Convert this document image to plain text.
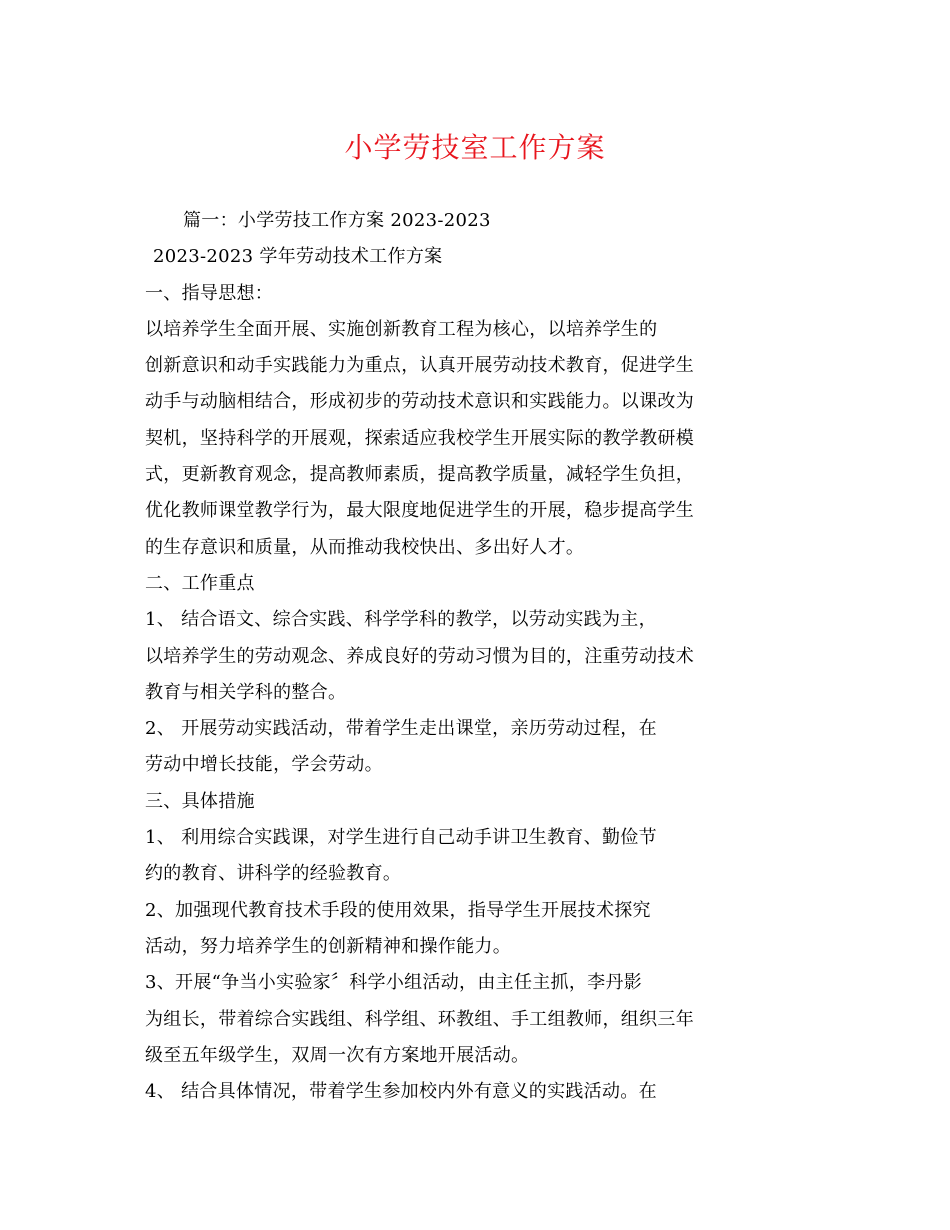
小学劳技室工作方案
篇一：小学劳技工作方案 2023-2023
2023-2023 学年劳动技术工作方案
一、指导思想：
以培养学生全面开展、实施创新教育工程为核心，以培养学生的
创新意识和动手实践能力为重点，认真开展劳动技术教育，促进学生
动手与动脑相结合，形成初步的劳动技术意识和实践能力。以课改为
契机，坚持科学的开展观，探索适应我校学生开展实际的教学教研模
式，更新教育观念，提高教师素质，提高教学质量，减轻学生负担，
优化教师课堂教学行为，最大限度地促进学生的开展，稳步提高学生
的生存意识和质量，从而推动我校快出、多出好人才。
二、工作重点
1、 结合语文、综合实践、科学学科的教学，以劳动实践为主，
以培养学生的劳动观念、养成良好的劳动习惯为目的，注重劳动技术
教育与相关学科的整合。
2、 开展劳动实践活动，带着学生走出课堂，亲历劳动过程，在
劳动中增长技能，学会劳动。
三、具体措施
1、 利用综合实践课，对学生进行自己动手讲卫生教育、勤俭节
约的教育、讲科学的经验教育。
2、加强现代教育技术手段的使用效果，指导学生开展技术探究
活动，努力培养学生的创新精神和操作能力。
3、开展“争当小实验家〞科学小组活动，由主任主抓，李丹影
为组长，带着综合实践组、科学组、环教组、手工组教师，组织三年
级至五年级学生，双周一次有方案地开展活动。
4、 结合具体情况，带着学生参加校内外有意义的实践活动。在
